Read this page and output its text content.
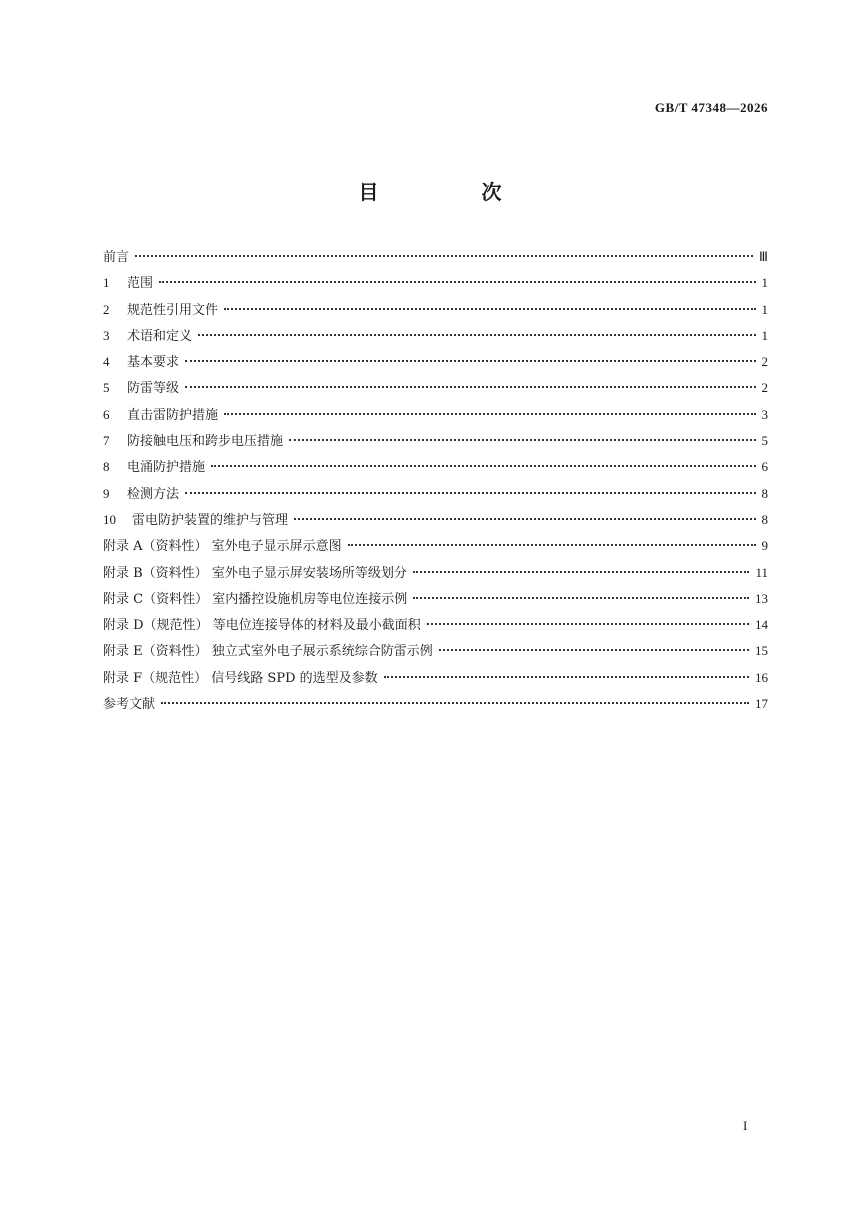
GB/T 47348—2026
目 次
前言	Ⅲ
1	范围	1
2	规范性引用文件	1
3	术语和定义	1
4	基本要求	2
5	防雷等级	2
6	直击雷防护措施	3
7	防接触电压和跨步电压措施	5
8	电涌防护措施	6
9	检测方法	8
10	雷电防护装置的维护与管理	8
附录 A（资料性） 室外电子显示屏示意图	9
附录 B（资料性） 室外电子显示屏安装场所等级划分	11
附录 C（资料性） 室内播控设施机房等电位连接示例	13
附录 D（规范性） 等电位连接导体的材料及最小截面积	14
附录 E（资料性） 独立式室外电子展示系统综合防雷示例	15
附录 F（规范性） 信号线路 SPD 的选型及参数	16
参考文献	17
I
